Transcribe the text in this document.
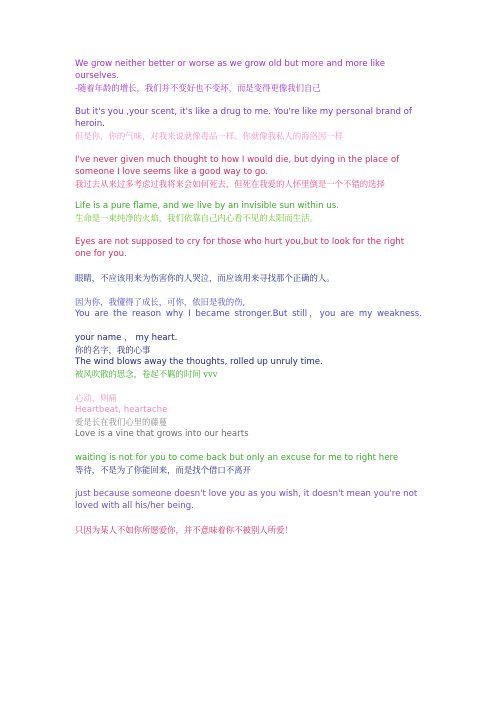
We grow neither better or worse as we grow old but more and more like ourselves.

-随着年龄的增长，我们并不变好也不变坏，而是变得更像我们自己

But it's you ,your scent, it's like a drug to me. You're like my personal brand of heroin.

但是你，你的气味，对我来说就像毒品一样。你就像我私人的海洛因一样

I've never given much thought to how I would die, but dying in the place of someone I love seems like a good way to go.

我过去从来过多考虑过我将来会如何死去，但死在我爱的人怀里倒是一个不错的选择

Life is a pure flame, and we live by an invisible sun within us.

生命是一束纯净的火焰，我们依靠自己内心看不见的太阳而生活。

Eyes are not supposed to cry for those who hurt you,but to look for the right one for you.

眼睛，不应该用来为伤害你的人哭泣，而应该用来寻找那个正确的人。

因为你，我懂得了成长，可你，依旧是我的伤,

You are the reason why I became stronger.But still，you are my weakness.

your name ， my heart.

你的名字，我的心事

The wind blows away the thoughts, rolled up unruly time.

被风吹散的思念，卷起不羁的时间 vvv

心动，则痛

Heartbeat, heartache

爱是长在我们心里的藤蔓

Love is a vine that grows into our hearts

waiting is not for you to come back but only an excuse for me to right here

等待，不是为了你能回来，而是找个借口不离开

just because someone doesn't love you as you wish, it doesn't mean you're not loved with all his/her being.

只因为某人不如你所愿爱你，并不意味着你不被别人所爱！
